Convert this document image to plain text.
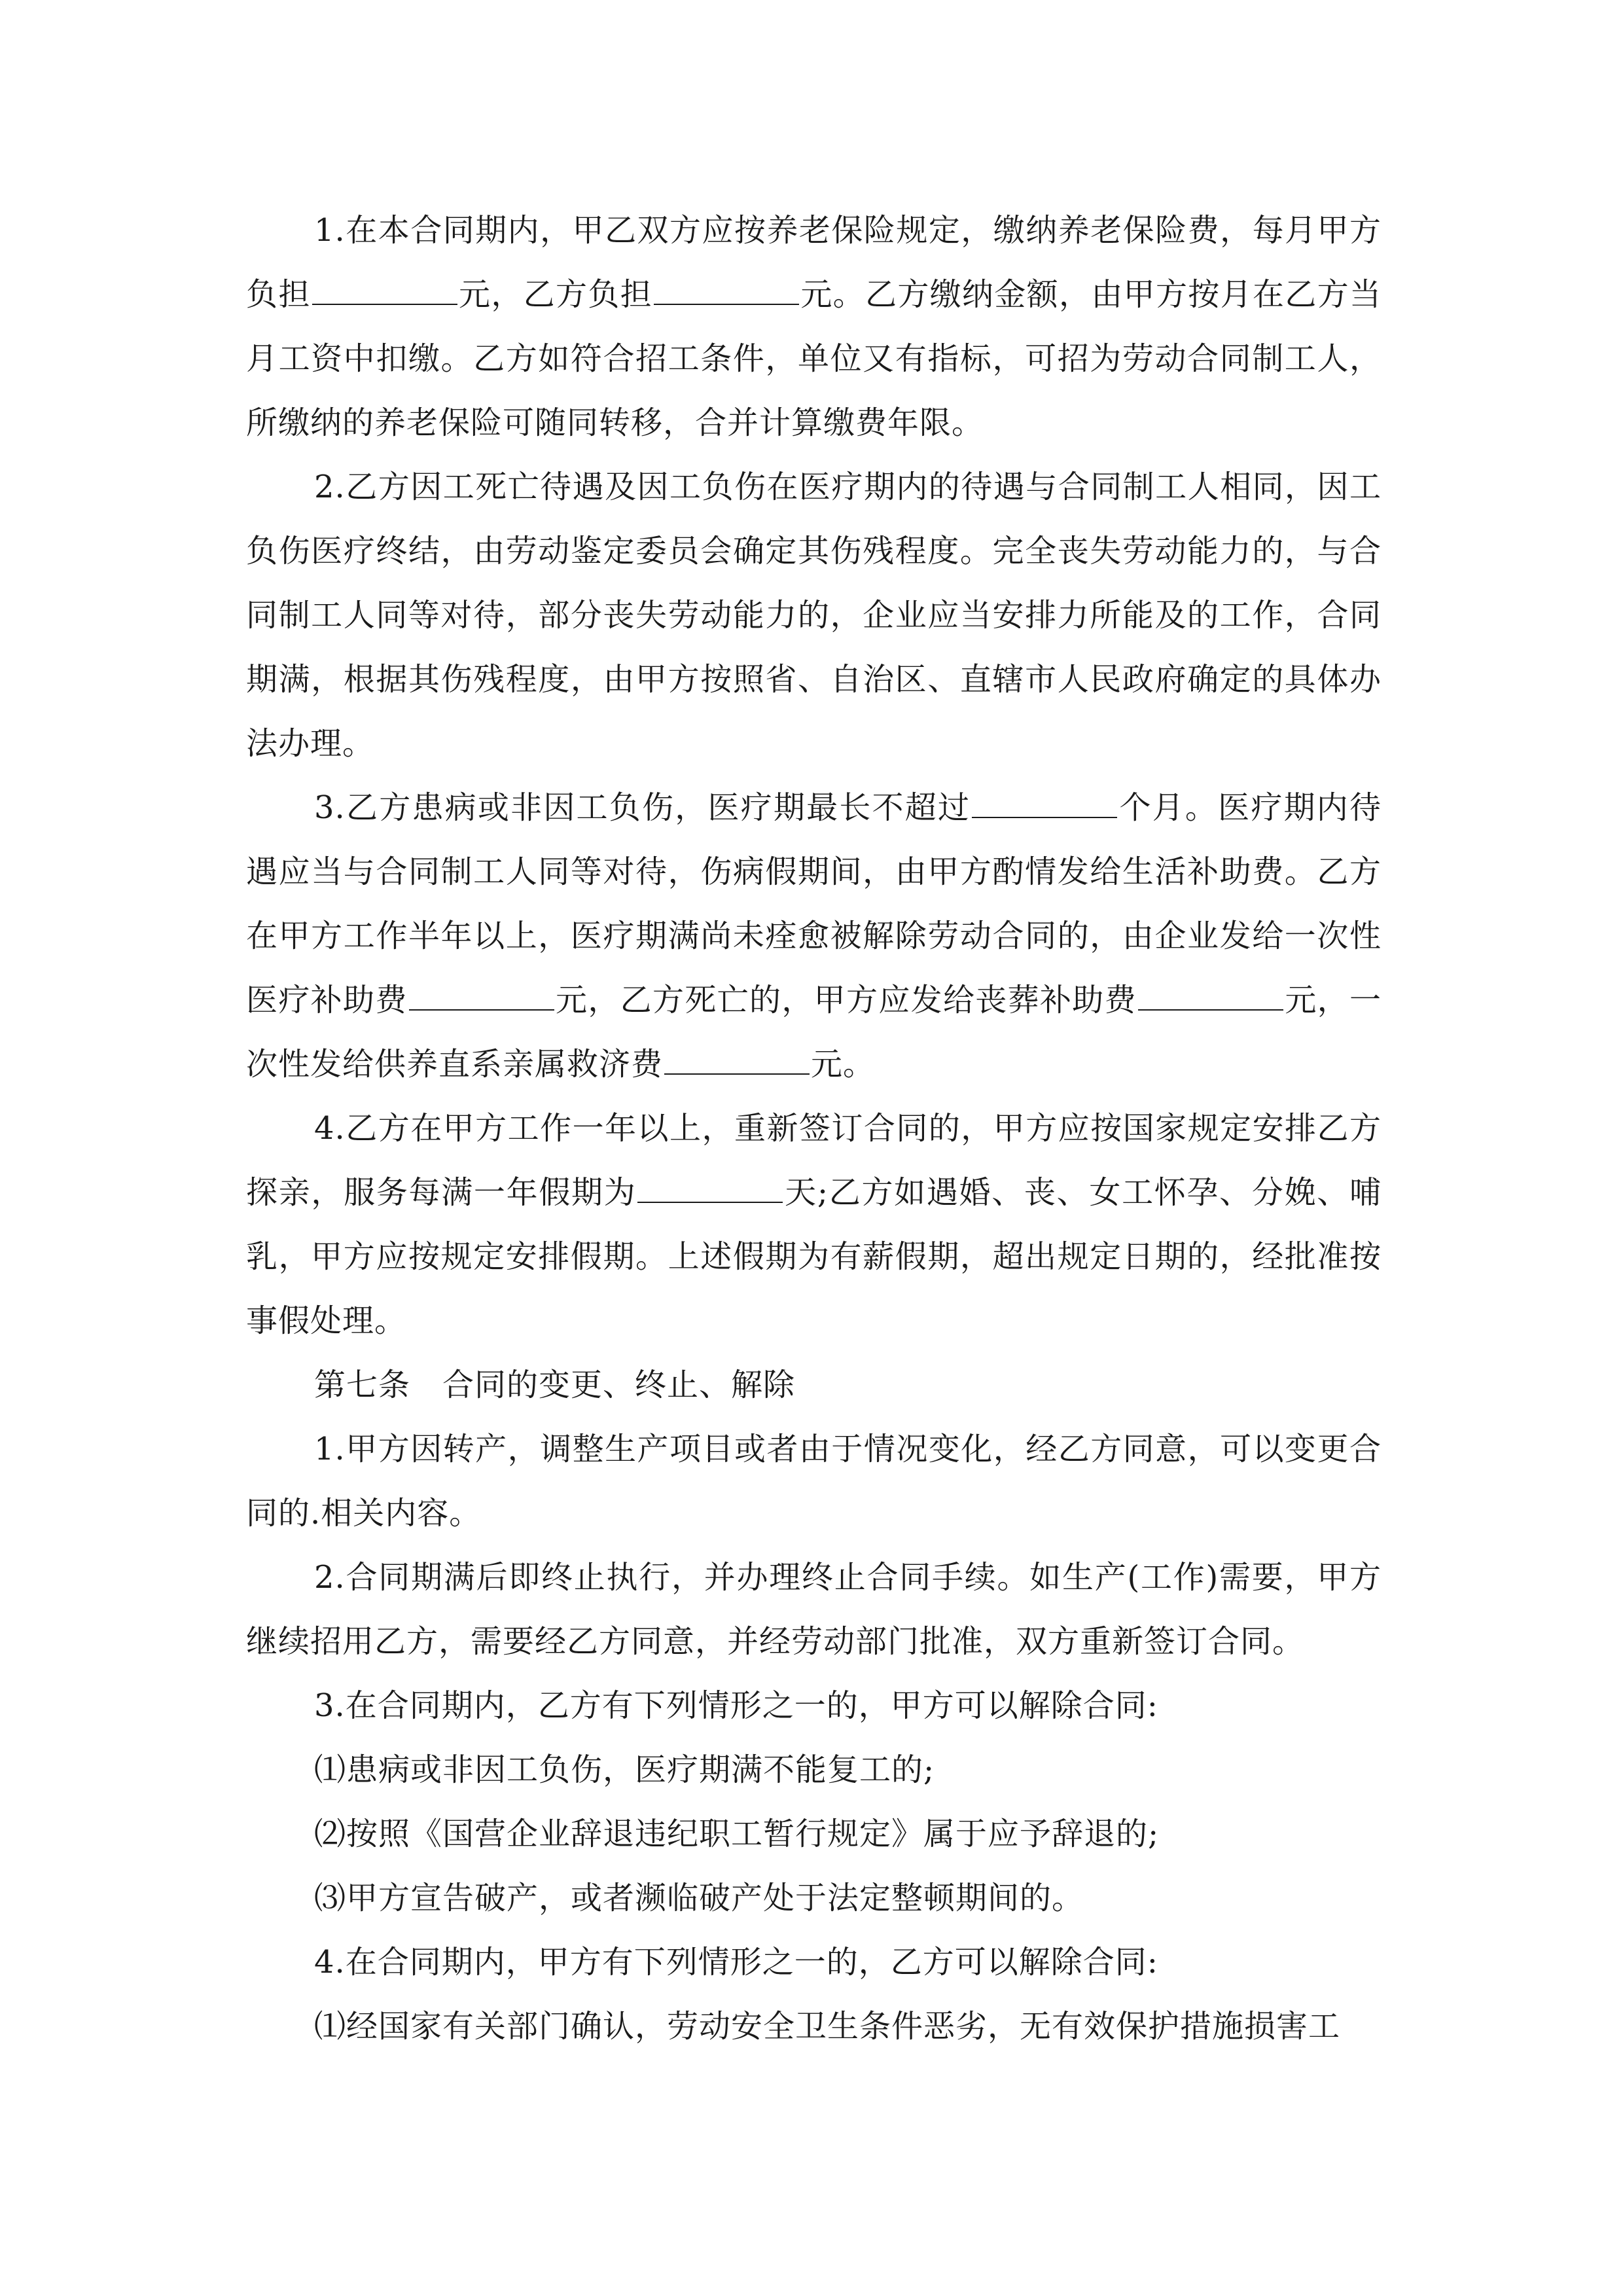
1.在本合同期内，甲乙双方应按养老保险规定，缴纳养老保险费，每月甲方负担	元，乙方负担	元。乙方缴纳金额，由甲方按月在乙方当月工资中扣缴。乙方如符合招工条件，单位又有指标，可招为劳动合同制工人，所缴纳的养老保险可随同转移，合并计算缴费年限。

2.乙方因工死亡待遇及因工负伤在医疗期内的待遇与合同制工人相同，因工负伤医疗终结，由劳动鉴定委员会确定其伤残程度。完全丧失劳动能力的，与合同制工人同等对待，部分丧失劳动能力的，企业应当安排力所能及的工作，合同期满，根据其伤残程度，由甲方按照省、自治区、直辖市人民政府确定的具体办法办理。

3.乙方患病或非因工负伤，医疗期最长不超过	个月。医疗期内待遇应当与合同制工人同等对待，伤病假期间，由甲方酌情发给生活补助费。乙方在甲方工作半年以上，医疗期满尚未痊愈被解除劳动合同的，由企业发给一次性医疗补助费	元，乙方死亡的，甲方应发给丧葬补助费	元，一次性发给供养直系亲属救济费	元。

4.乙方在甲方工作一年以上，重新签订合同的，甲方应按国家规定安排乙方探亲，服务每满一年假期为	天;乙方如遇婚、丧、女工怀孕、分娩、哺乳，甲方应按规定安排假期。上述假期为有薪假期，超出规定日期的，经批准按事假处理。

第七条　合同的变更、终止、解除

1.甲方因转产，调整生产项目或者由于情况变化，经乙方同意，可以变更合同的.相关内容。

2.合同期满后即终止执行，并办理终止合同手续。如生产(工作)需要，甲方继续招用乙方，需要经乙方同意，并经劳动部门批准，双方重新签订合同。

3.在合同期内，乙方有下列情形之一的，甲方可以解除合同:

⑴患病或非因工负伤，医疗期满不能复工的;

⑵按照《国营企业辞退违纪职工暂行规定》属于应予辞退的;

⑶甲方宣告破产，或者濒临破产处于法定整顿期间的。

4.在合同期内，甲方有下列情形之一的，乙方可以解除合同:

⑴经国家有关部门确认，劳动安全卫生条件恶劣，无有效保护措施损害工
